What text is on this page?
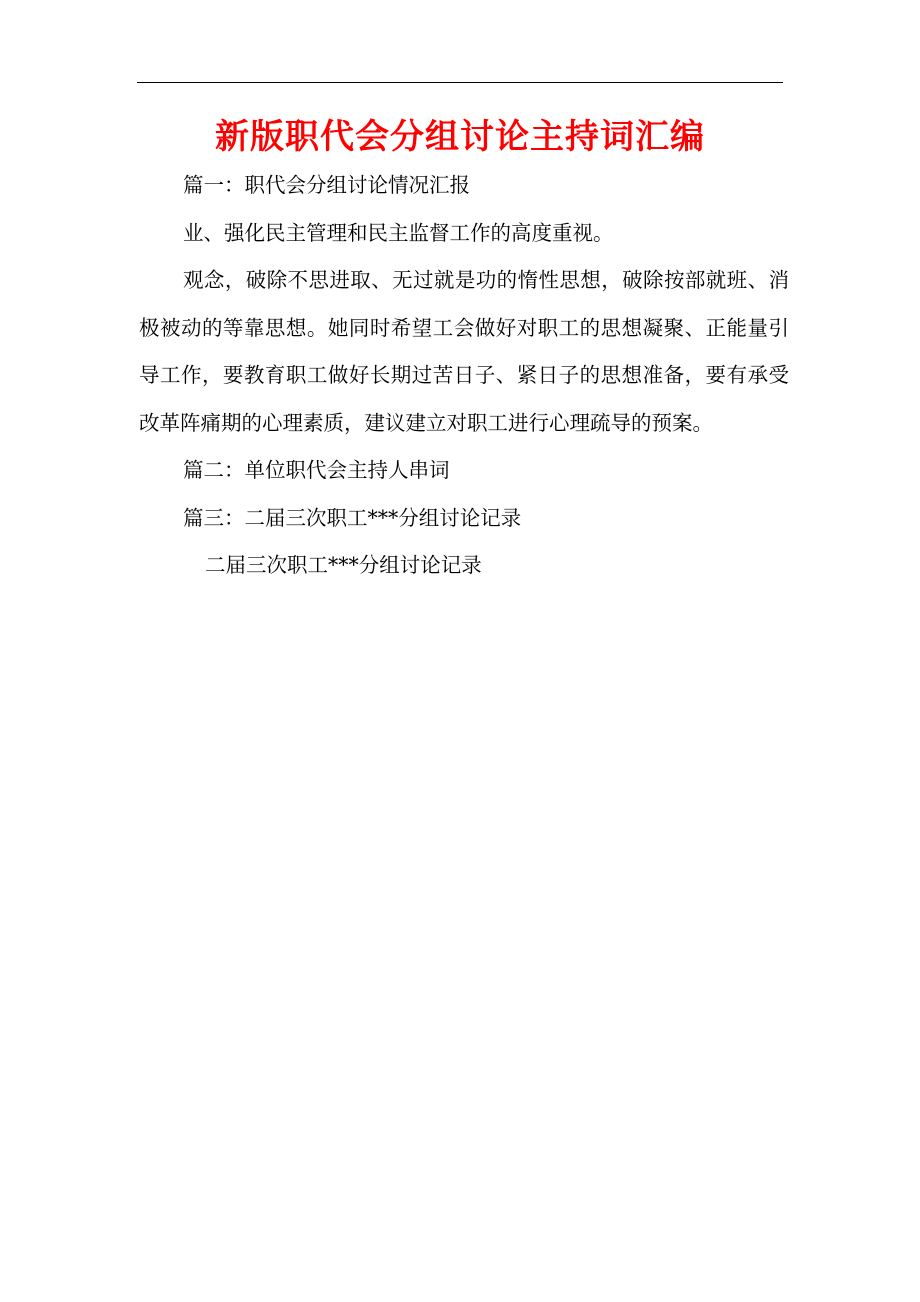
新版职代会分组讨论主持词汇编

篇一：职代会分组讨论情况汇报

业、强化民主管理和民主监督工作的高度重视。

观念，破除不思进取、无过就是功的惰性思想，破除按部就班、消极被动的等靠思想。她同时希望工会做好对职工的思想凝聚、正能量引导工作，要教育职工做好长期过苦日子、紧日子的思想准备，要有承受改革阵痛期的心理素质，建议建立对职工进行心理疏导的预案。

篇二：单位职代会主持人串词

篇三：二届三次职工***分组讨论记录

二届三次职工***分组讨论记录
